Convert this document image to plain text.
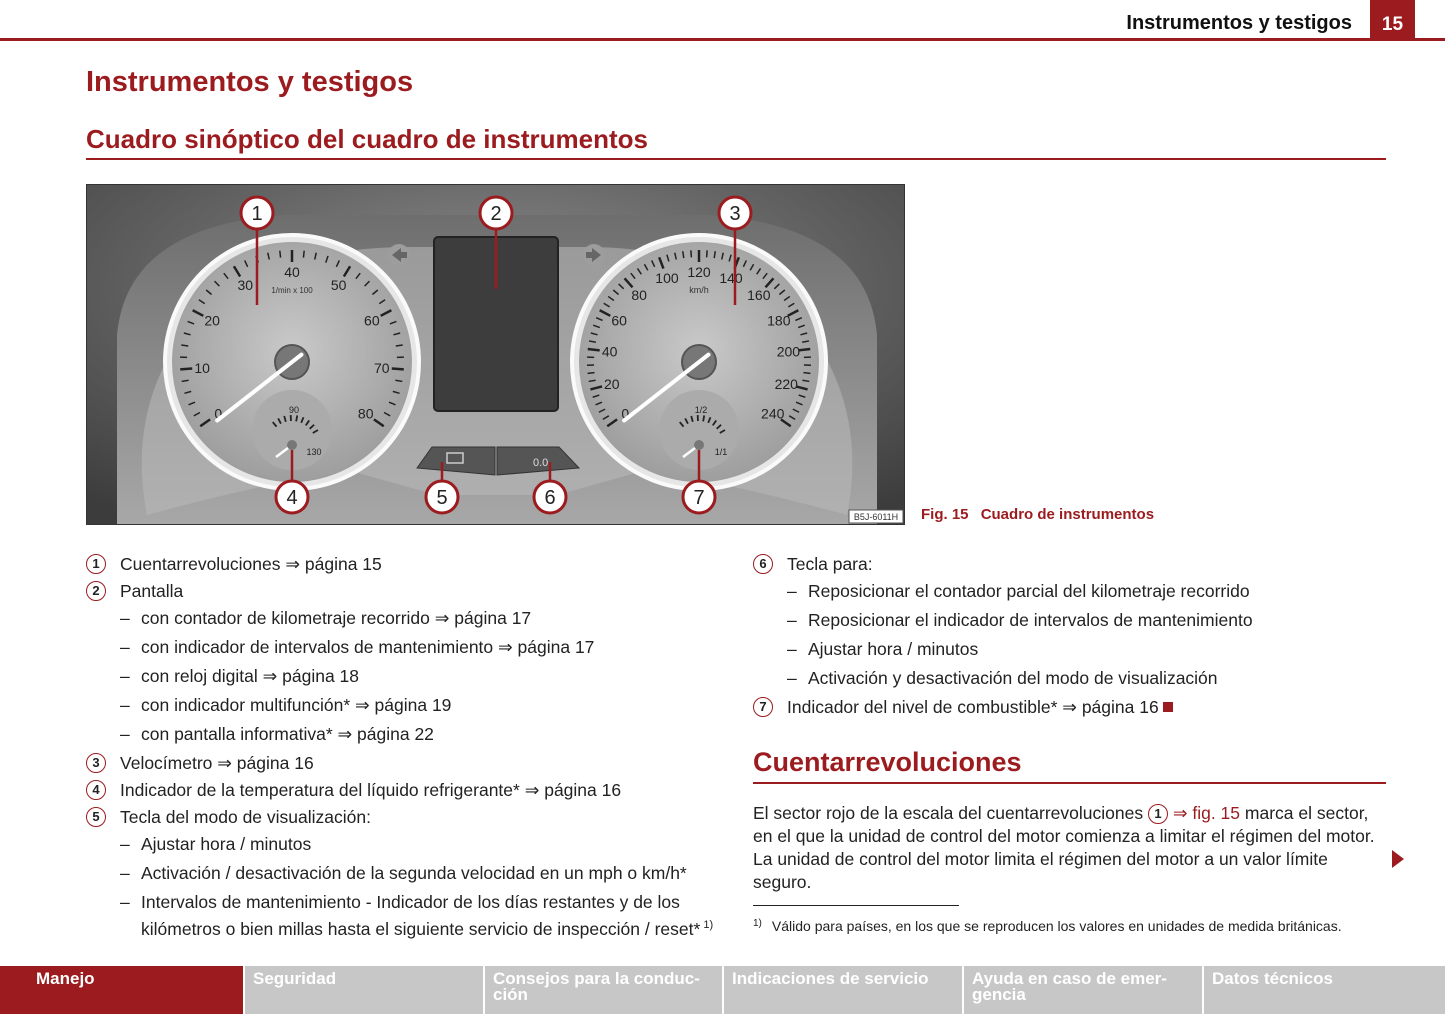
Instrumentos y testigos	15
Instrumentos y testigos
Cuadro sinóptico del cuadro de instrumentos
0.0
0
10
20
30
40
50
60
70
80
1/min x 100
90
130
0
20
40
60
80
100 120 140
160
180
200
220
240
km/h
1/2
1/1
1	2	3
4	5	6	7
B5J-6011H Fig. 15 Cuadro de instrumentos
1	Cuentarrevoluciones ⇒ página 15
2	Pantalla
– con contador de kilometraje recorrido ⇒ página 17
– con indicador de intervalos de mantenimiento ⇒ página 17
– con reloj digital ⇒ página 18
– con indicador multifunción* ⇒ página 19
– con pantalla informativa* ⇒ página 22
3	Velocímetro ⇒ página 16
4	Indicador de la temperatura del líquido refrigerante* ⇒ página 16
5	Tecla del modo de visualización:
– Ajustar hora / minutos
– Activación / desactivación de la segunda velocidad en un mph o km/h*
– Intervalos de mantenimiento - Indicador de los días restantes y de los kilómetros o bien millas hasta el siguiente servicio de inspección / reset* $^{1)}$
6	Tecla para:
– Reposicionar el contador parcial del kilometraje recorrido
– Reposicionar el indicador de intervalos de mantenimiento
– Ajustar hora / minutos
– Activación y desactivación del modo de visualización
7	Indicador del nivel de combustible* ⇒ página 16
Cuentarrevoluciones

El sector rojo de la escala del cuentarrevoluciones 1 ⇒ fig. 15 marca el sector, en el que la unidad de control del motor comienza a limitar el régimen del motor. La unidad de control del motor limita el régimen del motor a un valor límite seguro.

$^{1)}$ Válido para países, en los que se reproducen los valores en unidades de medida británicas.
Manejo	Seguridad	Consejos para la conduc-ción
Indicaciones de servicio	Ayuda en caso de emer-gencia
Datos técnicos
